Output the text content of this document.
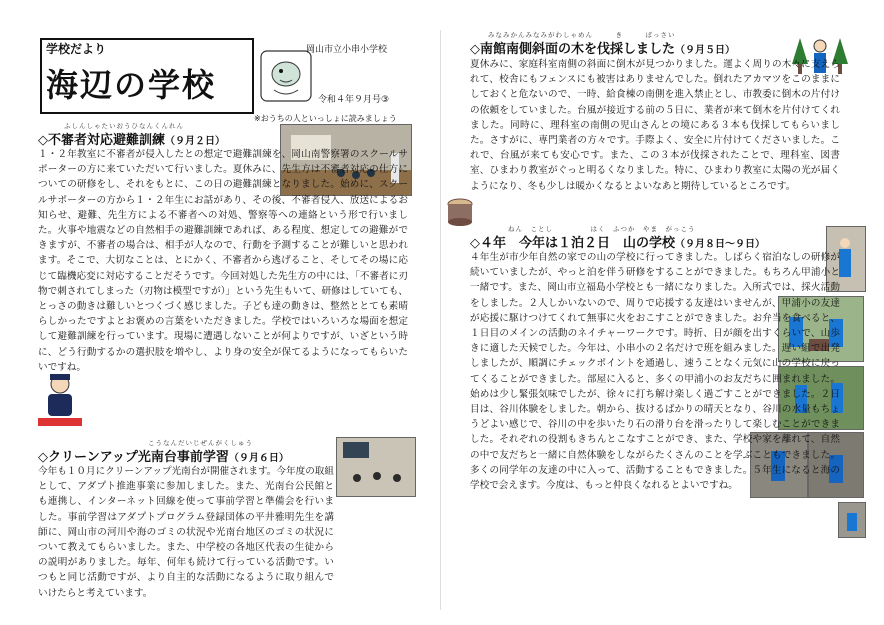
学校だより
海辺の学校
岡山市立小串小学校
令和４年９月号③
※おうちの人といっしょに読みましょう
ふしんしゃたいおうひなんくんれん
◇不審者対応避難訓練（９月２日）
１・２年教室に不審者が侵入したとの想定で避難訓練を、岡山南警察署のスクールサポーターの方に来ていただいて行いました。夏休みに、先生方は不審者対応の仕方についての研修をし、それをもとに、この日の避難訓練となりました。始めに、スクールサポーターの方から１・２年生にお話があり、その後、不審者侵入、放送によるお知らせ、避難、先生方による不審者への対処、警察等への連絡という形で行いました。火事や地震などの自然相手の避難訓練であれば、ある程度、想定しての避難ができますが、不審者の場合は、相手が人なので、行動を予測することが難しいと思われます。そこで、大切なことは、とにかく、不審者から逃げること、そしてその場に応じて臨機応変に対応することだそうです。今回対処した先生方の中には、「不審者に刃物で刺されてしまった（刃物は模型ですが）」という先生もいて、研修はしていても、とっさの動きは難しいとつくづく感じました。子ども達の動きは、整然ととても素晴らしかったですよとお褒めの言葉をいただきました。学校ではいろいろな場面を想定して避難訓練を行っています。現場に遭遇しないことが何よりですが、いざという時に、どう行動するかの選択肢を増やし、より身の安全が保てるようになってもらいたいですね。
こうなんだいじぜんがくしゅう
◇クリーンアップ光南台事前学習（９月６日）
今年も１０月にクリーンアップ光南台が開催されます。今年度の取組として、アダプト推進事業に参加しました。また、光南台公民館とも連携し、インターネット回線を使って事前学習と準備会を行いました。事前学習はアダプトプログラム登録団体の平井雅明先生を講師に、岡山市の河川や海のゴミの状況や光南台地区のゴミの状況について教えてもらいました。また、中学校の各地区代表の生徒からの説明がありました。毎年、何年も続けて行っている活動です。いつもと同じ活動ですが、より自主的な活動になるように取り組んでいけたらと考えています。
みなみかんみなみがわしゃめん　　　き　　　ばっさい
◇南館南側斜面の木を伐採しました（９月５日）
夏休みに、家庭科室南側の斜面に倒木が見つかりました。運よく周りの木々に支えられて、校舎にもフェンスにも被害はありませんでした。倒れたアカマツをこのままにしておくと危ないので、一時、給食棟の南側を進入禁止とし、市教委に倒木の片付けの依頼をしていました。台風が接近する前の５日に、業者が来て倒木を片付けてくれました。同時に、理科室の南側の児山さんとの境にある３本も伐採してもらいました。さすがに、専門業者の方々です。手際よく、安全に片付けてくださいました。これで、台風が来ても安心です。また、この３本が伐採されたことで、理科室、図書室、ひまわり教室がぐっと明るくなりました。特に、ひまわり教室に太陽の光が届くようになり、冬も少しは暖かくなるとよいなあと期待しているところです。
ねん　ことし　　　　　はく　ふつか　やま　がっこう
◇４年　今年は１泊２日　山の学校（９月８日～９日）
４年生が市少年自然の家での山の学校に行ってきました。しばらく宿泊なしの研修が続いていましたが、やっと泊を伴う研修をすることができました。もちろん甲浦小と一緒です。また、岡山市立福島小学校とも一緒になりました。入所式では、採火活動をしました。２人しかいないので、周りで応援する友達はいませんが、甲浦小の友達が応援に駆けつけてくれて無事に火をおこすことができました。お弁当を食べると、１日目のメインの活動のネイチャーワークです。時折、日が顔を出すくらいで、山歩きに適した天候でした。今年は、小串小の２名だけで班を組みました。遅い組で出発しましたが、順調にチェックポイントを通過し、速うことなく元気に山の学校に戻ってくることができました。部屋に入ると、多くの甲浦小のお友だちに囲まれました。始めは少し緊張気味でしたが、徐々に打ち解け楽しく過ごすことができました。２日目は、谷川体験をしました。朝から、抜けるばかりの晴天となり、谷川の水量もちょうどよい感じで、谷川の中を歩いたり石の滑り台を滑ったりして楽しむことができました。それぞれの役割もきちんとこなすことができ、また、学校や家を離れて、自然の中で友だちと一緒に自然体験をしながらたくさんのことを学ぶこともできました。多くの同学年の友達の中に入って、活動することもできました。５年生になると海の学校で会えます。今度は、もっと仲良くなれるとよいですね。
